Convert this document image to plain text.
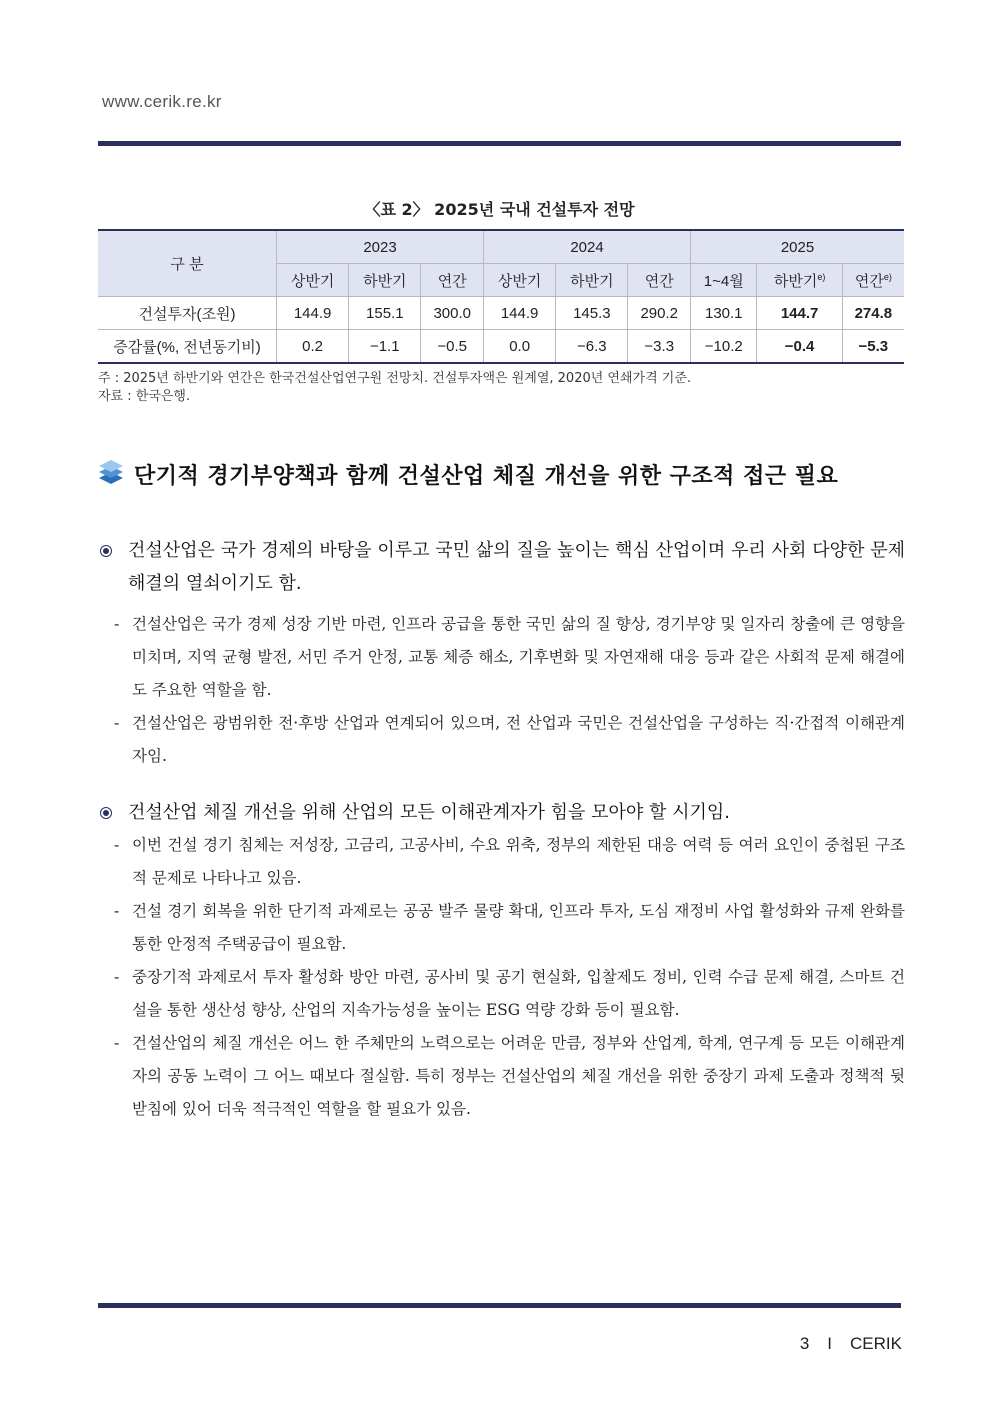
www.cerik.re.kr
〈표 2〉 2025년 국내 건설투자 전망
구 분	2023			2024			2025		
	상반기	하반기	연간	상반기	하반기	연간	1~4월	하반기$^{e)}$	연간$^{e)}$
건설투자(조원)	144.9	155.1	300.0	144.9	145.3	290.2	130.1	144.7	274.8
증감률(%, 전년동기비)	0.2	−1.1	−0.5	0.0	−6.3	−3.3	−10.2	−0.4	−5.3
주 : 2025년 하반기와 연간은 한국건설산업연구원 전망치. 건설투자액은 원계열, 2020년 연쇄가격 기준.
자료 : 한국은행.
단기적 경기부양책과 함께 건설산업 체질 개선을 위한 구조적 접근 필요
건설산업은 국가 경제의 바탕을 이루고 국민 삶의 질을 높이는 핵심 산업이며 우리 사회 다양한 문제 해결의 열쇠이기도 함.
- 건설산업은 국가 경제 성장 기반 마련, 인프라 공급을 통한 국민 삶의 질 향상, 경기부양 및 일자리 창출에 큰 영향을 미치며, 지역 균형 발전, 서민 주거 안정, 교통 체증 해소, 기후변화 및 자연재해 대응 등과 같은 사회적 문제 해결에도 주요한 역할을 함.
- 건설산업은 광범위한 전·후방 산업과 연계되어 있으며, 전 산업과 국민은 건설산업을 구성하는 직·간접적 이해관계자임.
건설산업 체질 개선을 위해 산업의 모든 이해관계자가 힘을 모아야 할 시기임.
- 이번 건설 경기 침체는 저성장, 고금리, 고공사비, 수요 위축, 정부의 제한된 대응 여력 등 여러 요인이 중첩된 구조적 문제로 나타나고 있음.
- 건설 경기 회복을 위한 단기적 과제로는 공공 발주 물량 확대, 인프라 투자, 도심 재정비 사업 활성화와 규제 완화를 통한 안정적 주택공급이 필요함.
- 중장기적 과제로서 투자 활성화 방안 마련, 공사비 및 공기 현실화, 입찰제도 정비, 인력 수급 문제 해결, 스마트 건설을 통한 생산성 향상, 산업의 지속가능성을 높이는 ESG 역량 강화 등이 필요함.
- 건설산업의 체질 개선은 어느 한 주체만의 노력으로는 어려운 만큼, 정부와 산업계, 학계, 연구계 등 모든 이해관계자의 공동 노력이 그 어느 때보다 절실함. 특히 정부는 건설산업의 체질 개선을 위한 중장기 과제 도출과 정책적 뒷받침에 있어 더욱 적극적인 역할을 할 필요가 있음.
3 I CERIK
